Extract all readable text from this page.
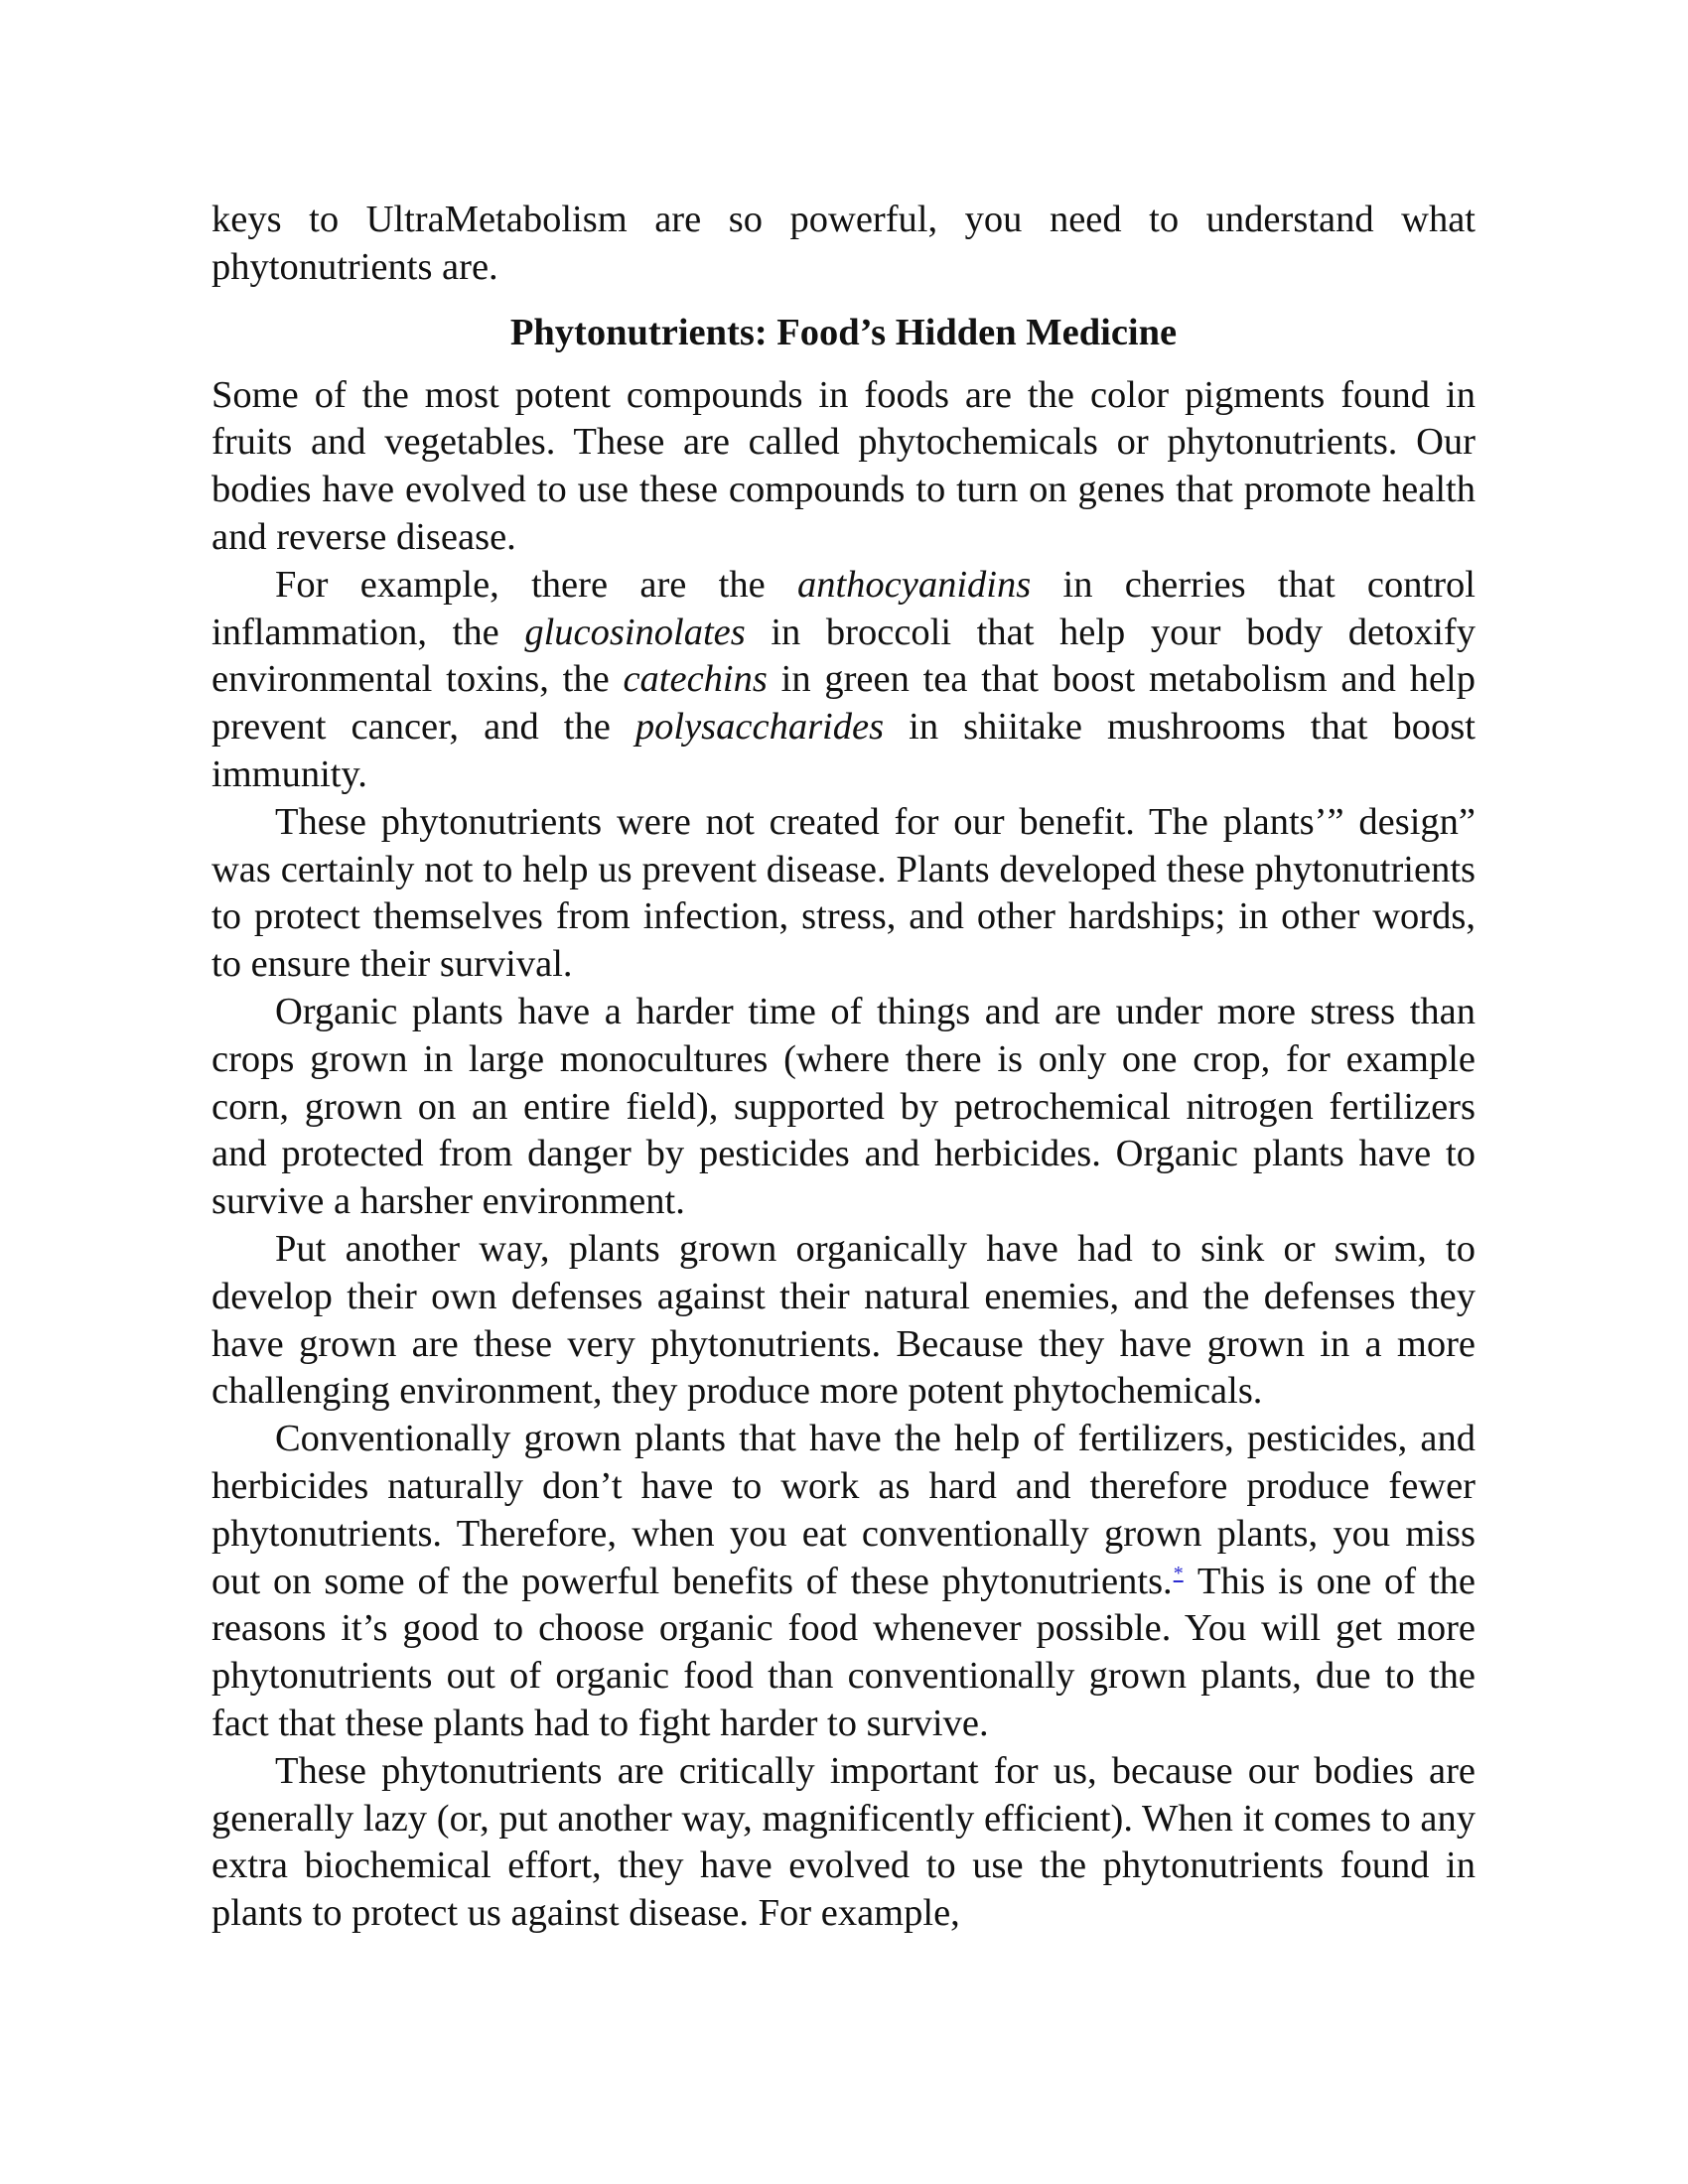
keys to UltraMetabolism are so powerful, you need to understand what phytonutrients are.

Phytonutrients: Food’s Hidden Medicine

Some of the most potent compounds in foods are the color pigments found in fruits and vegetables. These are called phytochemicals or phytonutrients. Our bodies have evolved to use these compounds to turn on genes that promote health and reverse disease.

For example, there are the anthocyanidins in cherries that control inflammation, the glucosinolates in broccoli that help your body detoxify environmental toxins, the catechins in green tea that boost metabolism and help prevent cancer, and the polysaccharides in shiitake mushrooms that boost immunity.

These phytonutrients were not created for our benefit. The plants’” design” was certainly not to help us prevent disease. Plants developed these phytonutrients to protect themselves from infection, stress, and other hardships; in other words, to ensure their survival.

Organic plants have a harder time of things and are under more stress than crops grown in large monocultures (where there is only one crop, for example corn, grown on an entire field), supported by petrochemical nitrogen fertilizers and protected from danger by pesticides and herbicides. Organic plants have to survive a harsher environment.

Put another way, plants grown organically have had to sink or swim, to develop their own defenses against their natural enemies, and the defenses they have grown are these very phytonutrients. Because they have grown in a more challenging environment, they produce more potent phytochemicals.

Conventionally grown plants that have the help of fertilizers, pesticides, and herbicides naturally don’t have to work as hard and therefore produce fewer phytonutrients. Therefore, when you eat conventionally grown plants, you miss out on some of the powerful benefits of these phytonutrients.* This is one of the reasons it’s good to choose organic food whenever possible. You will get more phytonutrients out of organic food than conventionally grown plants, due to the fact that these plants had to fight harder to survive.

These phytonutrients are critically important for us, because our bodies are generally lazy (or, put another way, magnificently efficient). When it comes to any extra biochemical effort, they have evolved to use the phytonutrients found in plants to protect us against disease. For example,
